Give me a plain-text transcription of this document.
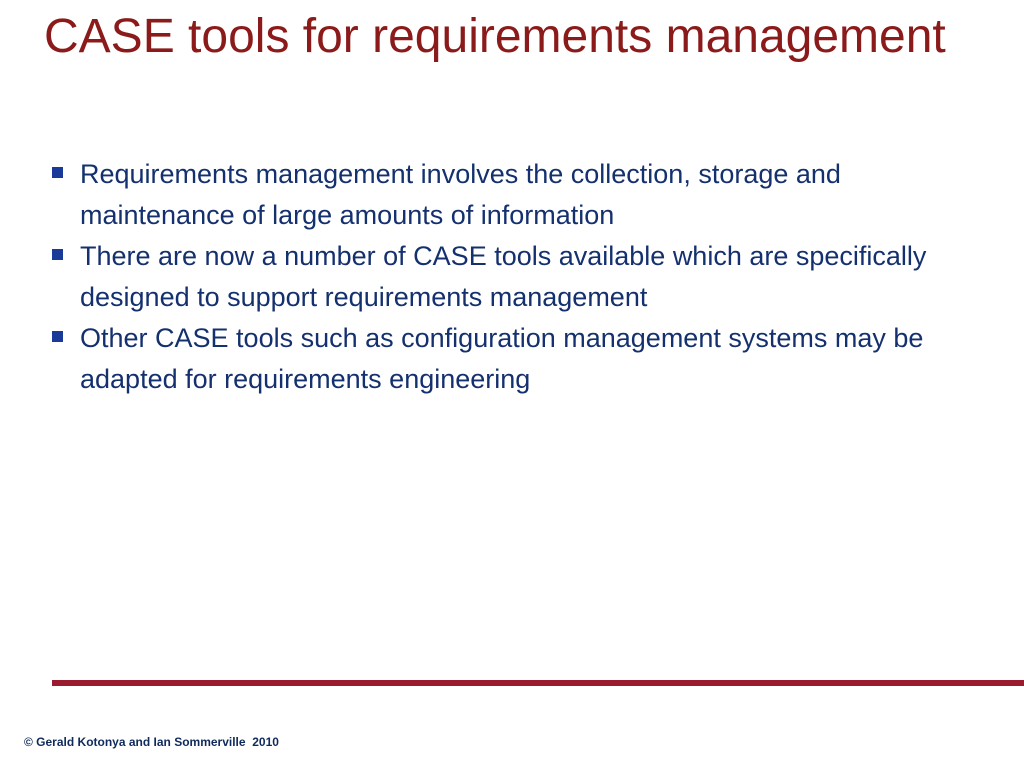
CASE tools for requirements management
Requirements management involves the collection, storage and maintenance of large amounts of information
There are now a number of CASE tools available which are specifically designed to support requirements management
Other CASE tools such as configuration management systems may be adapted for requirements engineering
© Gerald Kotonya and Ian Sommerville  2010
